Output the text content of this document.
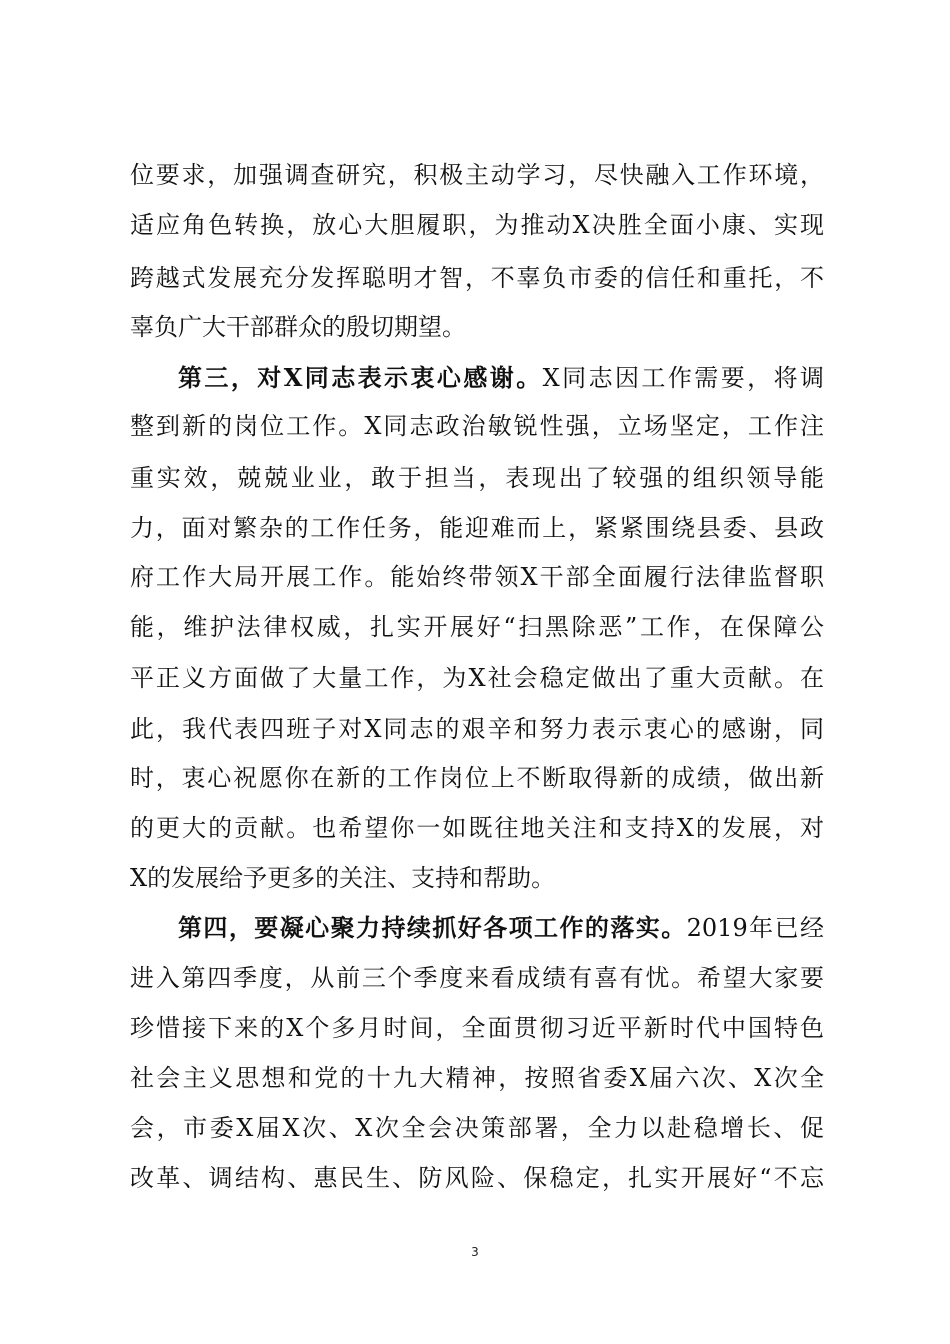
位要求，加强调查研究，积极主动学习，尽快融入工作环境，
适应角色转换，放心大胆履职，为推动X决胜全面小康、实现
跨越式发展充分发挥聪明才智，不辜负市委的信任和重托，不
辜负广大干部群众的殷切期望。
第三，对X同志表示衷心感谢。X同志因工作需要，将调
整到新的岗位工作。X同志政治敏锐性强，立场坚定，工作注
重实效，兢兢业业，敢于担当，表现出了较强的组织领导能
力，面对繁杂的工作任务，能迎难而上，紧紧围绕县委、县政
府工作大局开展工作。能始终带领X干部全面履行法律监督职
能，维护法律权威，扎实开展好“扫黑除恶”工作，在保障公
平正义方面做了大量工作，为X社会稳定做出了重大贡献。在
此，我代表四班子对X同志的艰辛和努力表示衷心的感谢，同
时，衷心祝愿你在新的工作岗位上不断取得新的成绩，做出新
的更大的贡献。也希望你一如既往地关注和支持X的发展，对
X的发展给予更多的关注、支持和帮助。
第四，要凝心聚力持续抓好各项工作的落实。2019年已经
进入第四季度，从前三个季度来看成绩有喜有忧。希望大家要
珍惜接下来的X个多月时间，全面贯彻习近平新时代中国特色
社会主义思想和党的十九大精神，按照省委X届六次、X次全
会，市委X届X次、X次全会决策部署，全力以赴稳增长、促
改革、调结构、惠民生、防风险、保稳定，扎实开展好“不忘
3
